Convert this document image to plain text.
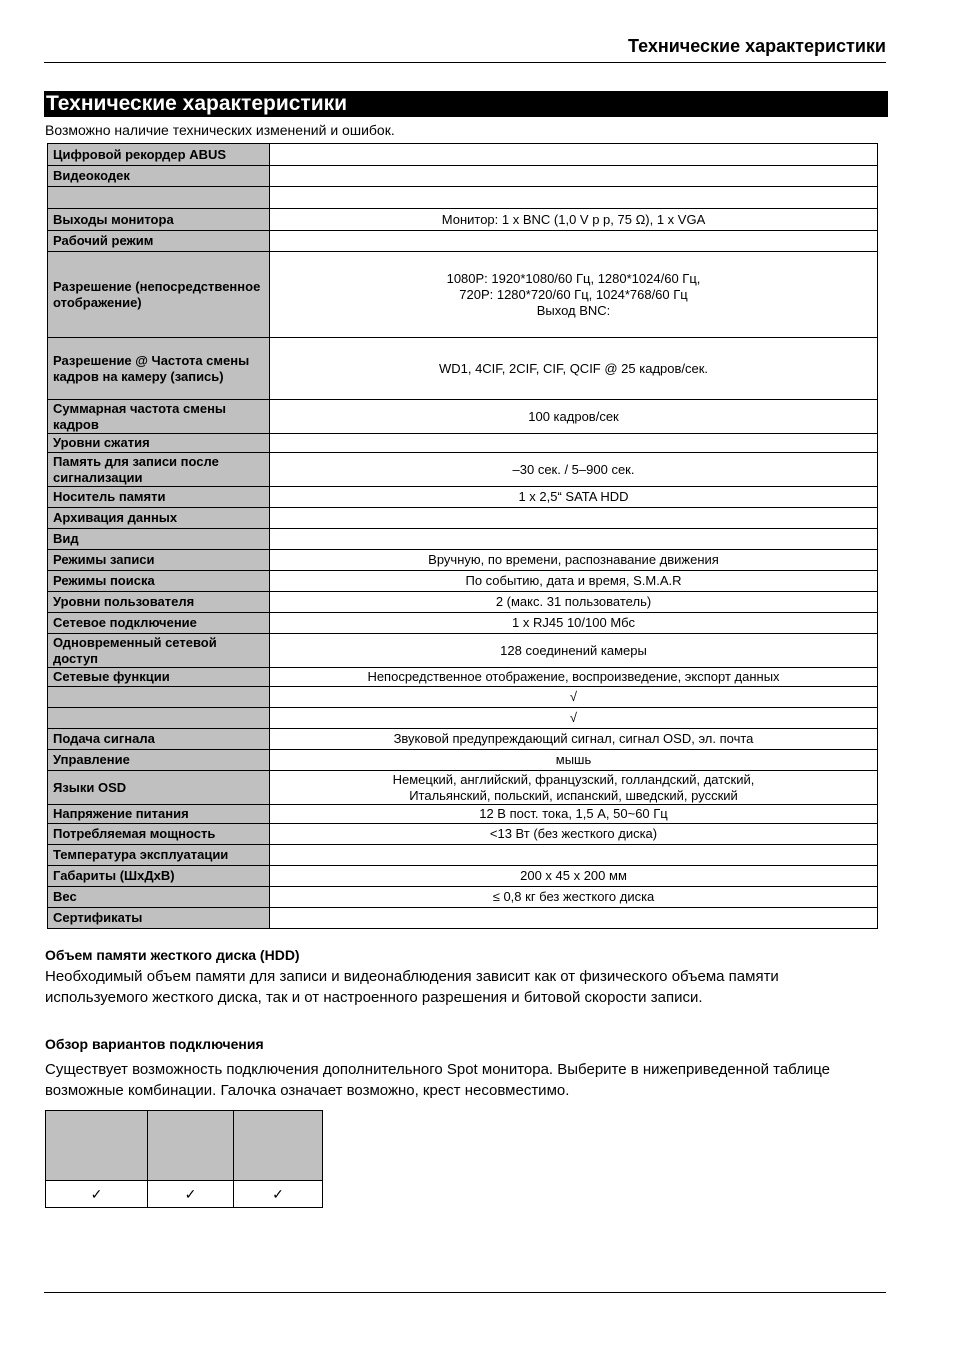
Технические характеристики
Технические характеристики
Возможно наличие технических изменений и ошибок.
Цифровой рекордер ABUS	
Видеокодек	

Выходы монитора	Монитор: 1 x BNC (1,0 V p p, 75 Ω), 1 x VGA
Рабочий режим	
Разрешение (непосредственное отображение)	1080P: 1920*1080/60 Гц, 1280*1024/60 Гц,
720P: 1280*720/60 Гц, 1024*768/60 Гц
Выход BNC:
Разрешение @ Частота смены кадров на камеру (запись)	WD1, 4CIF, 2CIF, CIF, QCIF @ 25 кадров/сек.
Суммарная частота смены кадров	100 кадров/сек
Уровни сжатия	
Память для записи после сигнализации	–30 сек. / 5–900 сек.
Носитель памяти	1 x 2,5“ SATA HDD
Архивация данных	
Вид	
Режимы записи	Вручную, по времени, распознавание движения
Режимы поиска	По событию, дата и время, S.M.A.R
Уровни пользователя	2 (макс. 31 пользователь)
Сетевое подключение	1 x RJ45 10/100 Мбс
Одновременный сетевой доступ	128 соединений камеры
Сетевые функции	Непосредственное отображение, воспроизведение, экспорт данных
	√
	√
Подача сигнала	Звуковой предупреждающий сигнал, сигнал OSD, эл. почта
Управление	мышь
Языки OSD	Немецкий, английский, французский, голландский, датский,
Итальянский, польский, испанский, шведский, русский
Напряжение питания	12 В пост. тока, 1,5 A, 50~60 Гц
Потребляемая мощность	<13 Вт (без жесткого диска)
Температура эксплуатации	
Габариты (ШxДxВ)	200 x 45 x 200 мм
Вес	≤ 0,8 кг без жесткого диска
Сертификаты	
Объем памяти жесткого диска (HDD)
Необходимый объем памяти для записи и видеонаблюдения зависит как от физического объема памяти используемого жесткого диска, так и от настроенного разрешения и битовой скорости записи.
Обзор вариантов подключения
Существует возможность подключения дополнительного Spot монитора. Выберите в нижеприведенной таблице возможные комбинации. Галочка означает возможно, крест несовместимо.

✓	✓	✓
